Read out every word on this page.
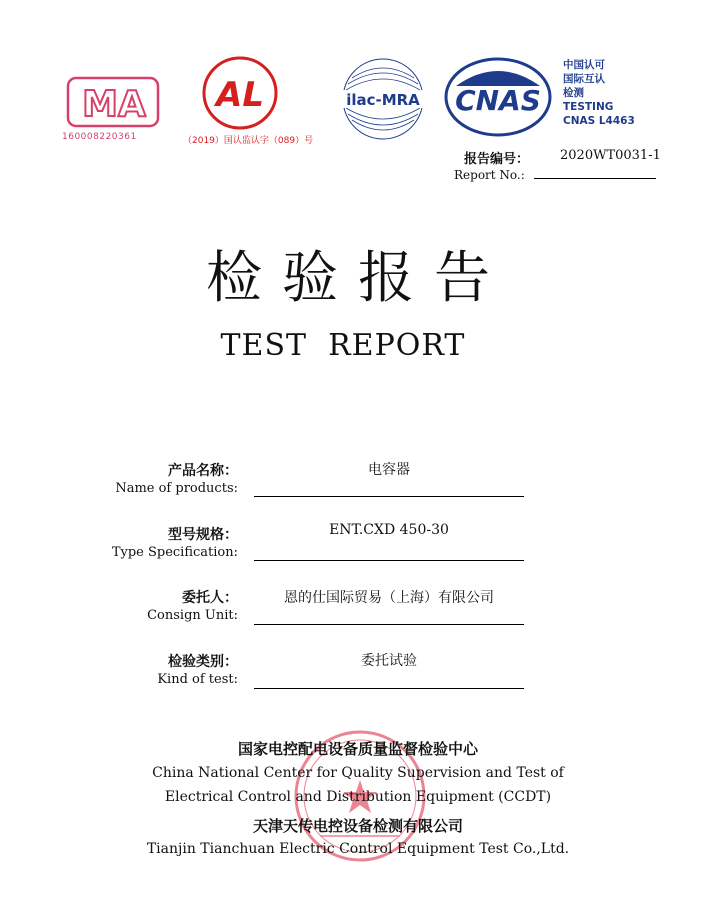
MA
160008220361
AL
（2019）国认监认字（089）号
ilac-MRA CNAS
中国认可
国际互认
检测
TESTING
CNAS L4463
报告编号： 2020WT0031-1
Report No.:
检验报告
TEST  REPORT
产品名称：
Name of products:
电容器
型号规格：
Type Specification:
ENT.CXD 450-30
委托人：
Consign Unit:
恩的仕国际贸易（上海）有限公司
检验类别：
Kind of test:
委托试验
国家电控配电设备质量监督检验中心
China National Center for Quality Supervision and Test of
Electrical Control and Distribution Equipment (CCDT)
天津天传电控设备检测有限公司
Tianjin Tianchuan Electric Control Equipment Test Co.,Ltd.
